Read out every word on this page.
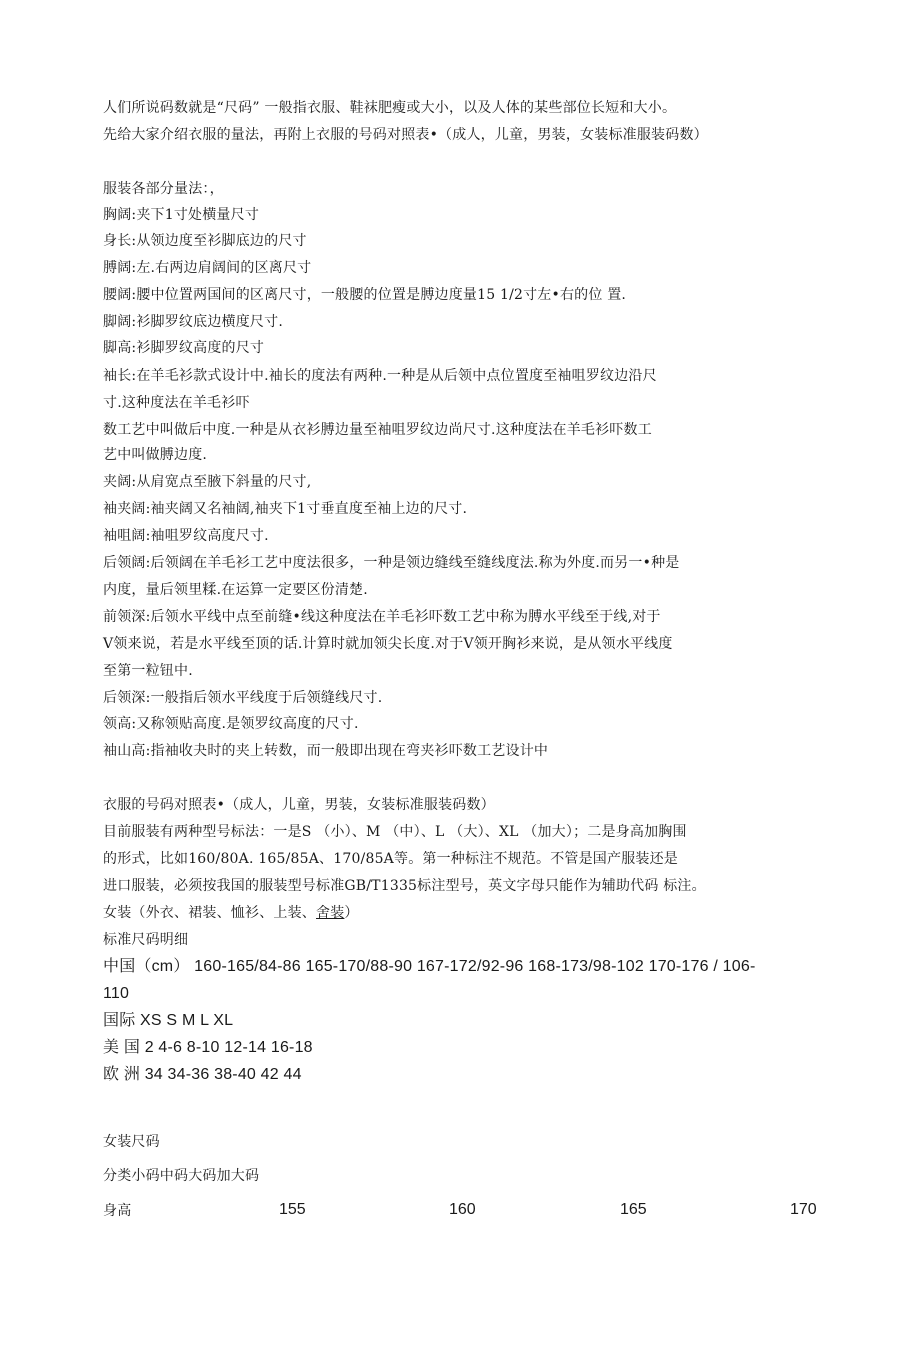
人们所说码数就是“尺码” 一般指衣服、鞋袜肥瘦或大小，以及人体的某些部位长短和大小。
先给大家介绍衣服的量法，再附上衣服的号码对照表•（成人，儿童，男装，女装标准服装码数）
服装各部分量法：，
胸阔:夹下1寸处横量尺寸
身长:从领边度至衫脚底边的尺寸
膊阔:左.右两边肩阔间的区离尺寸
腰阔:腰中位置两国间的区离尺寸，一般腰的位置是膊边度量15 1/2寸左•右的位 置.
脚阔:衫脚罗纹底边横度尺寸.
脚高:衫脚罗纹高度的尺寸
袖长:在羊毛衫款式设计中.袖长的度法有两种.一种是从后领中点位置度至袖咀罗纹边沿尺
寸.这种度法在羊毛衫吓
数工艺中叫做后中度.一种是从衣衫膊边量至袖咀罗纹边尚尺寸.这种度法在羊毛衫吓数工
艺中叫做膊边度.
夹阔:从肩宽点至腋下斜量的尺寸,
袖夹阔:袖夹阔又名袖阔,袖夹下1寸垂直度至袖上边的尺寸.
袖咀阔:袖咀罗纹高度尺寸.
后领阔:后领阔在羊毛衫工艺中度法很多，一种是领边缝线至缝线度法.称为外度.而另一•种是
内度，量后领里糅.在运算一定要区份清楚.
前领深:后领水平线中点至前缝•线这种度法在羊毛衫吓数工艺中称为膊水平线至于线,对于
V领来说，若是水平线至顶的话.计算时就加领尖长度.对于V领开胸衫来说，是从领水平线度
至第一粒钮中.
后领深:一般指后领水平线度于后领缝线尺寸.
领高:又称领贴高度.是领罗纹高度的尺寸.
袖山高:指袖收夬时的夹上转数，而一般即出现在弯夹衫吓数工艺设计中
衣服的号码对照表•（成人，儿童，男装，女装标准服装码数）
目前服装有两种型号标法：一是S （小）、M （中）、L （大）、XL （加大）；二是身高加胸围
的形式，比如160/80A. 165/85A、170/85A等。第一种标注不规范。不管是国产服装还是
进口服装，必须按我国的服装型号标准GB/T1335标注型号，英文字母只能作为辅助代码 标注。
女装（外衣、裙装、恤衫、上装、舍装）
标准尺码明细
中国（cm） 160-165/84-86 165-170/88-90 167-172/92-96 168-173/98-102 170-176 / 106-
110
国际 XS S M L XL
美 国 2 4-6 8-10 12-14 16-18
欧 洲 34 34-36 38-40 42 44
女装尺码
分类小码中码大码加大码
身高	155	160	165	170
